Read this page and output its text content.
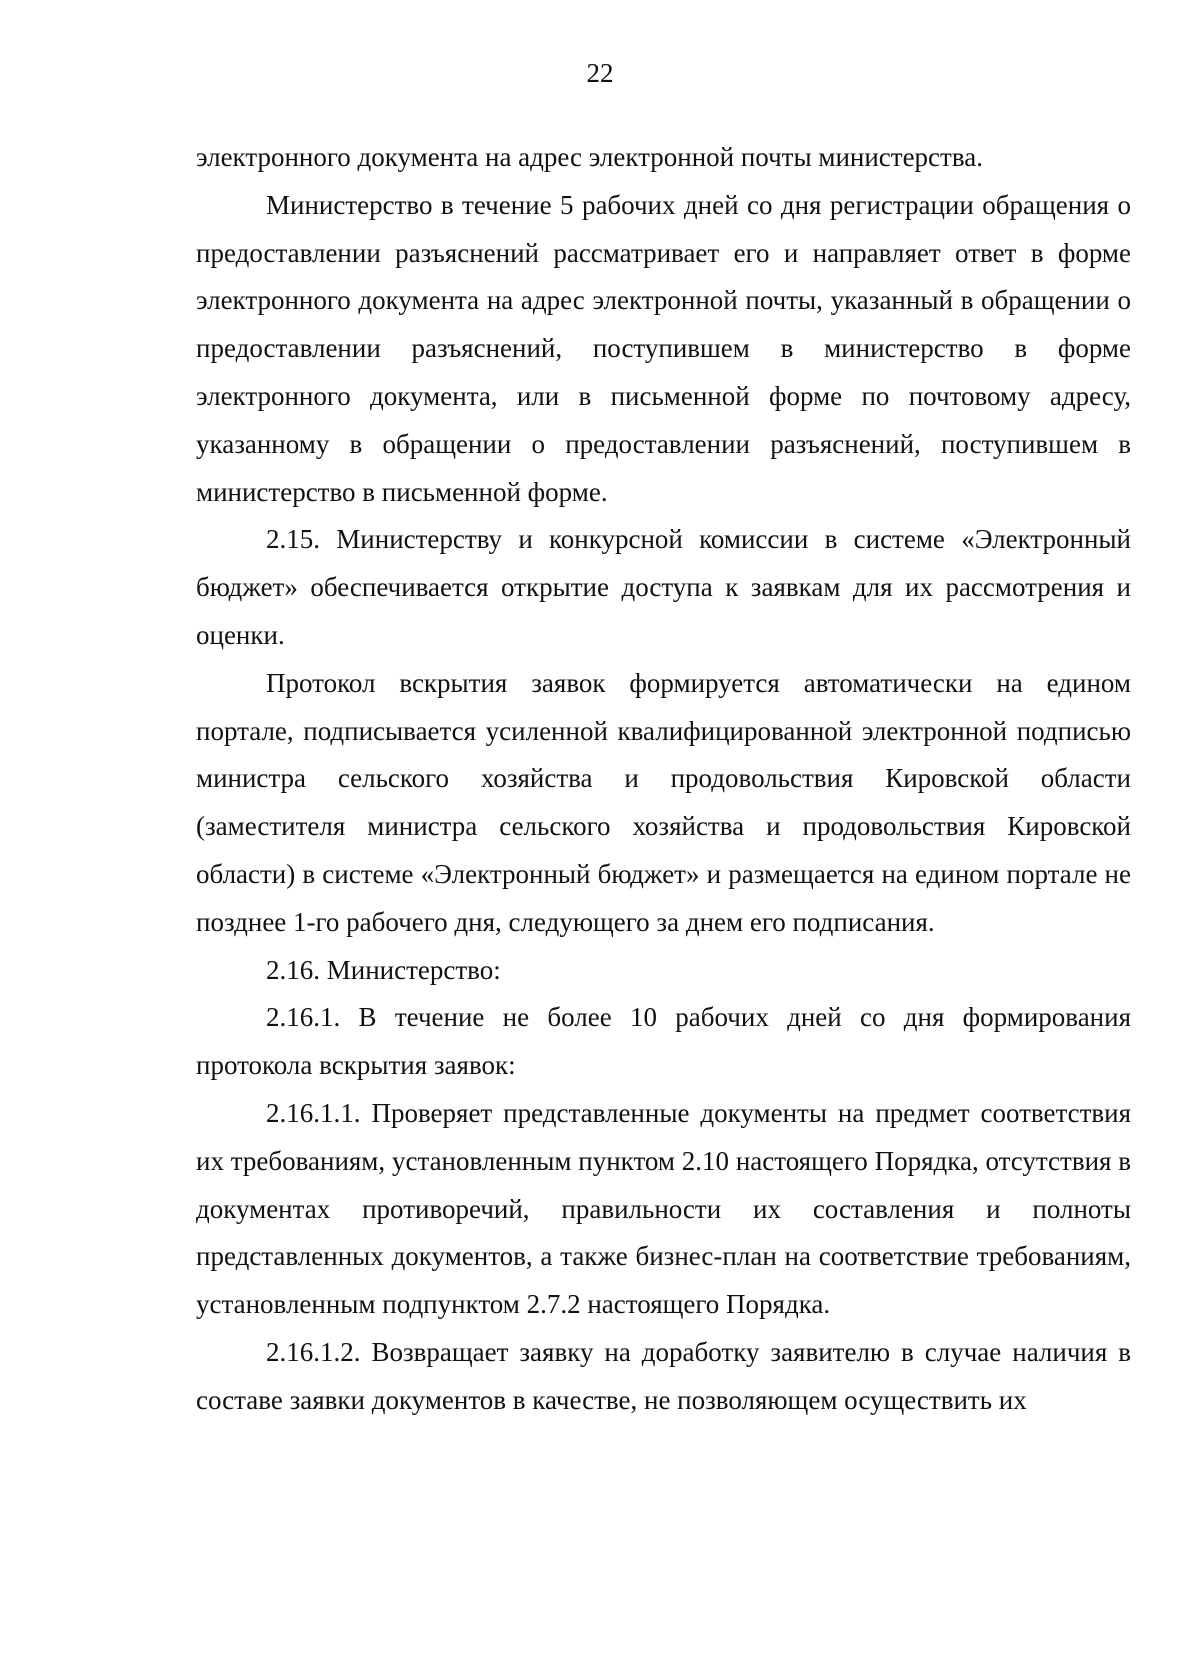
22

электронного документа на адрес электронной почты министерства.

Министерство в течение 5 рабочих дней со дня регистрации обращения о предоставлении разъяснений рассматривает его и направляет ответ в форме электронного документа на адрес электронной почты, указанный в обращении о предоставлении разъяснений, поступившем в министерство в форме электронного документа, или в письменной форме по почтовому адресу, указанному в обращении о предоставлении разъяснений, поступившем в министерство в письменной форме.

2.15. Министерству и конкурсной комиссии в системе «Электронный бюджет» обеспечивается открытие доступа к заявкам для их рассмотрения и оценки.

Протокол вскрытия заявок формируется автоматически на едином портале, подписывается усиленной квалифицированной электронной подписью министра сельского хозяйства и продовольствия Кировской области (заместителя министра сельского хозяйства и продовольствия Кировской области) в системе «Электронный бюджет» и размещается на едином портале не позднее 1-го рабочего дня, следующего за днем его подписания.

2.16. Министерство:

2.16.1. В течение не более 10 рабочих дней со дня формирования протокола вскрытия заявок:

2.16.1.1. Проверяет представленные документы на предмет соответствия их требованиям, установленным пунктом 2.10 настоящего Порядка, отсутствия в документах противоречий, правильности их составления и полноты представленных документов, а также бизнес-план на соответствие требованиям, установленным подпунктом 2.7.2 настоящего Порядка.

2.16.1.2. Возвращает заявку на доработку заявителю в случае наличия в составе заявки документов в качестве, не позволяющем осуществить их
